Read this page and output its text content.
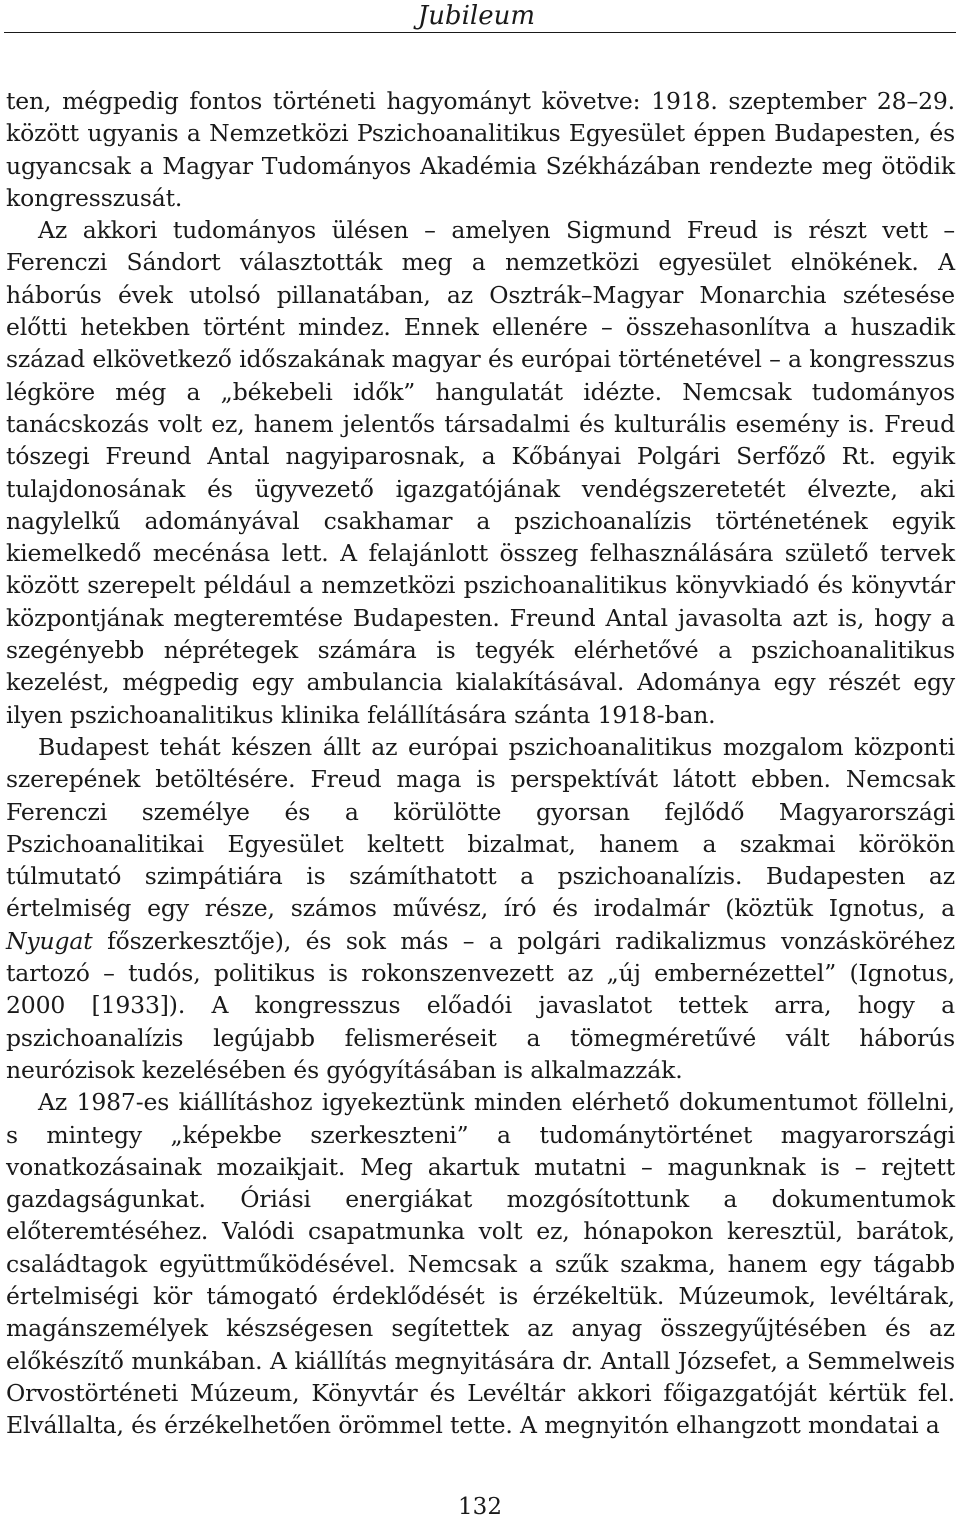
Jubileum

ten, mégpedig fontos történeti hagyományt követve: 1918. szeptember 28–29. között ugyanis a Nemzetközi Pszichoanalitikus Egyesület éppen Budapesten, és ugyancsak a Magyar Tudományos Akadémia Székházában rendezte meg ötödik kongresszusát.

Az akkori tudományos ülésen – amelyen Sigmund Freud is részt vett – Ferenczi Sándort választották meg a nemzetközi egyesület elnökének. A háborús évek utolsó pillanatában, az Osztrák–Magyar Monarchia szétesése előtti hetekben történt mindez. Ennek ellenére – összehasonlítva a huszadik század elkövetkező időszakának magyar és európai történetével – a kongresszus légköre még a „békebeli idők” hangulatát idézte. Nemcsak tudományos tanácskozás volt ez, hanem jelentős társadalmi és kulturális esemény is. Freud tószegi Freund Antal nagyiparosnak, a Kőbányai Polgári Serfőző Rt. egyik tulajdonosának és ügyvezető igazgatójának vendégszeretetét élvezte, aki nagylelkű adományával csakhamar a pszichoanalízis történetének egyik kiemelkedő mecénása lett. A felajánlott összeg felhasználására születő tervek között szerepelt például a nemzetközi pszichoanalitikus könyvkiadó és könyvtár központjának megteremtése Budapesten. Freund Antal javasolta azt is, hogy a szegényebb néprétegek számára is tegyék elérhetővé a pszichoanalitikus kezelést, mégpedig egy ambulancia kialakításával. Adománya egy részét egy ilyen pszichoanalitikus klinika felállítására szánta 1918-ban.

Budapest tehát készen állt az európai pszichoanalitikus mozgalom központi szerepének betöltésére. Freud maga is perspektívát látott ebben. Nemcsak Ferenczi személye és a körülötte gyorsan fejlődő Magyarországi Pszichoanalitikai Egyesület keltett bizalmat, hanem a szakmai körökön túlmutató szimpátiára is számíthatott a pszichoanalízis. Budapesten az értelmiség egy része, számos művész, író és irodalmár (köztük Ignotus, a Nyugat főszerkesztője), és sok más – a polgári radikalizmus vonzásköréhez tartozó – tudós, politikus is rokonszenvezett az „új embernézettel” (Ignotus, 2000 [1933]). A kongresszus előadói javaslatot tettek arra, hogy a pszichoanalízis legújabb felismeréseit a tömegméretűvé vált háborús neurózisok kezelésében és gyógyításában is alkalmazzák.

Az 1987-es kiállításhoz igyekeztünk minden elérhető dokumentumot föllelni, s mintegy „képekbe szerkeszteni” a tudománytörténet magyarországi vonatkozásainak mozaikjait. Meg akartuk mutatni – magunknak is – rejtett gazdagságunkat. Óriási energiákat mozgósítottunk a dokumentumok előteremtéséhez. Valódi csapatmunka volt ez, hónapokon keresztül, barátok, családtagok együttműködésével. Nemcsak a szűk szakma, hanem egy tágabb értelmiségi kör támogató érdeklődését is érzékeltük. Múzeumok, levéltárak, magánszemélyek készségesen segítettek az anyag összegyűjtésében és az előkészítő munkában. A kiállítás megnyitására dr. Antall Józsefet, a Semmelweis Orvostörténeti Múzeum, Könyvtár és Levéltár akkori főigazgatóját kértük fel. Elvállalta, és érzékelhetően örömmel tette. A megnyitón elhangzott mondatai a

132
